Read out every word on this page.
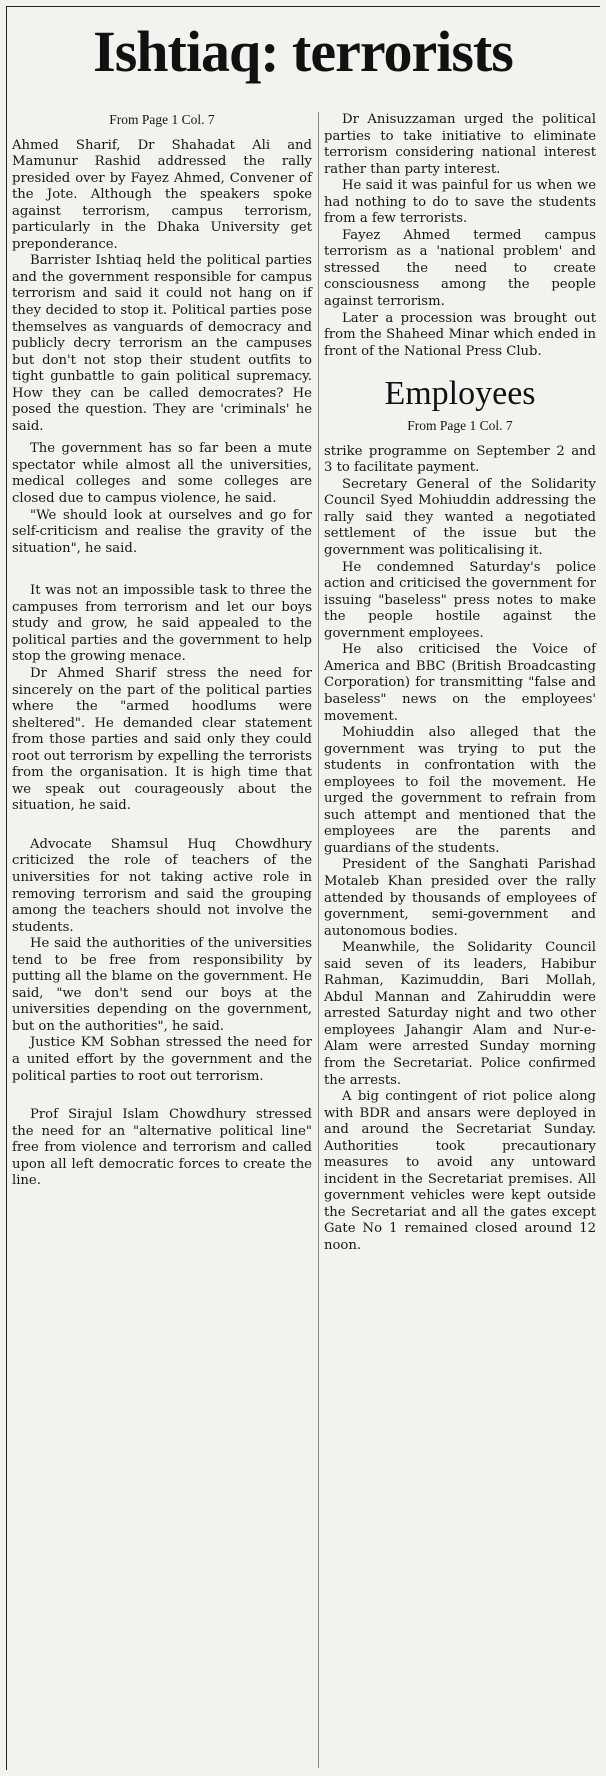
Ishtiaq: terrorists
From Page 1 Col. 7

Ahmed Sharif, Dr Shahadat Ali and Mamunur Rashid addressed the rally presided over by Fayez Ahmed, Convener of the Jote. Although the speakers spoke against terrorism, campus terrorism, particularly in the Dhaka University get preponderance.

Barrister Ishtiaq held the political parties and the government responsible for campus terrorism and said it could not hang on if they decided to stop it. Political parties pose themselves as vanguards of democracy and publicly decry terrorism an the campuses but don't not stop their student outfits to tight gunbattle to gain political supremacy. How they can be called democrates? He posed the question. They are 'criminals' he said.

The government has so far been a mute spectator while almost all the universities, medical colleges and some colleges are closed due to campus violence, he said.

"We should look at ourselves and go for self-criticism and realise the gravity of the situation", he said.

It was not an impossible task to three the campuses from terrorism and let our boys study and grow, he said appealed to the political parties and the government to help stop the growing menace.

Dr Ahmed Sharif stress the need for sincerely on the part of the political parties where the "armed hoodlums were sheltered". He demanded clear statement from those parties and said only they could root out terrorism by expelling the terrorists from the organisation. It is high time that we speak out courageously about the situation, he said.

Advocate Shamsul Huq Chowdhury criticized the role of teachers of the universities for not taking active role in removing terrorism and said the grouping among the teachers should not involve the students.

He said the authorities of the universities tend to be free from responsibility by putting all the blame on the government. He said, "we don't send our boys at the universities depending on the government, but on the authorities", he said.

Justice KM Sobhan stressed the need for a united effort by the government and the political parties to root out terrorism.

Prof Sirajul Islam Chowdhury stressed the need for an "alternative political line" free from violence and terrorism and called upon all left democratic forces to create the line.

Dr Anisuzzaman urged the political parties to take initiative to eliminate terrorism considering national interest rather than party interest.

He said it was painful for us when we had nothing to do to save the students from a few terrorists.

Fayez Ahmed termed campus terrorism as a 'national problem' and stressed the need to create consciousness among the people against terrorism.

Later a procession was brought out from the Shaheed Minar which ended in front of the National Press Club.

Employees
From Page 1 Col. 7

strike programme on September 2 and 3 to facilitate payment.

Secretary General of the Solidarity Council Syed Mohiuddin addressing the rally said they wanted a negotiated settlement of the issue but the government was politicalising it.

He condemned Saturday's police action and criticised the government for issuing "baseless" press notes to make the people hostile against the government employees.

He also criticised the Voice of America and BBC (British Broadcasting Corporation) for transmitting "false and baseless" news on the employees' movement.

Mohiuddin also alleged that the government was trying to put the students in confrontation with the employees to foil the movement. He urged the government to refrain from such attempt and mentioned that the employees are the parents and guardians of the students.

President of the Sanghati Parishad Motaleb Khan presided over the rally attended by thousands of employees of government, semi-government and autonomous bodies.

Meanwhile, the Solidarity Council said seven of its leaders, Habibur Rahman, Kazimuddin, Bari Mollah, Abdul Mannan and Zahiruddin were arrested Saturday night and two other employees Jahangir Alam and Nur-e-Alam were arrested Sunday morning from the Secretariat. Police confirmed the arrests.

A big contingent of riot police along with BDR and ansars were deployed in and around the Secretariat Sunday. Authorities took precautionary measures to avoid any untoward incident in the Secretariat premises. All government vehicles were kept outside the Secretariat and all the gates except Gate No 1 remained closed around 12 noon.
